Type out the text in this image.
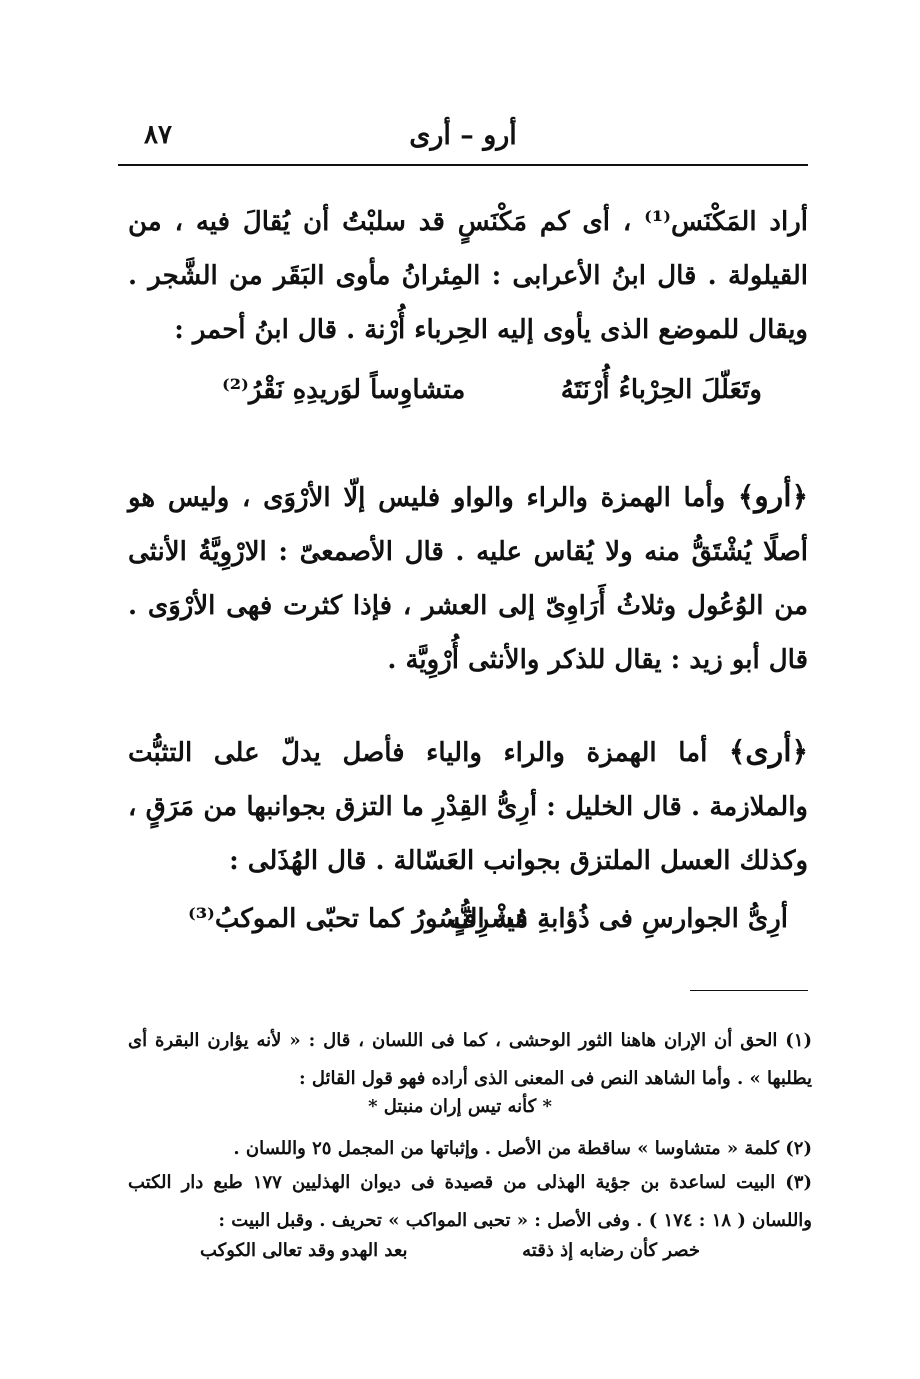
أرو – أرى
٨٧
أراد المَكْنَس⁽¹⁾ ، أى كم مَكْنَسٍ قد سلبْتُ أن يُقالَ فيه ، من القيلولة . قال ابنُ الأعرابى : المِئرانُ مأوى البَقَر من الشَّجر . ويقال للموضع الذى يأوى إليه الحِرباء أُرْنة . قال ابنُ أحمر :
وتَعَلّلَ الحِرْباءُ أُرْنَتَهُ
متشاوِساً لوَريدِهِ نَقْرُ⁽²⁾
﴿أرو﴾ وأما الهمزة والراء والواو فليس إلّا الأرْوَى ، وليس هو أصلًا يُشْتَقُّ منه ولا يُقاس عليه . قال الأصمعىّ : الارْوِيَّةُ الأنثى من الوُعُول وثلاثُ أَرَاوِىّ إلى العشر ، فإذا كثرت فهى الأرْوَى . قال أبو زيد : يقال للذكر والأنثى أُرْوِيَّة .
﴿أرى﴾ أما الهمزة والراء والياء فأصل يدلّ على التثبُّت والملازمة . قال الخليل : أرِىُّ القِدْرِ ما التزق بجوانبها من مَرَقٍ ، وكذلك العسل الملتزق بجوانب العَسّالة . قال الهُذَلى :
أرِىُّ الجوارسِ فى ذُؤابةِ مُشْرِفٍ
فيه النُّسُورُ كما تحبّى الموكبُ⁽³⁾
(١) الحق أن الإران هاهنا الثور الوحشى ، كما فى اللسان ، قال : « لأنه يؤارن البقرة أى يطلبها » . وأما الشاهد النص فى المعنى الذى أراده فهو قول القائل :
* كأنه تيس إران منبتل *
(٢) كلمة « متشاوسا » ساقطة من الأصل . وإثباتها من المجمل ٢٥ واللسان .
(٣) البيت لساعدة بن جؤية الهذلى من قصيدة فى ديوان الهذليين ١٧٧ طبع دار الكتب واللسان ( ١٨ : ١٧٤ ) . وفى الأصل : « تحبى المواكب » تحريف . وقبل البيت :
خصر كأن رضابه إذ ذقته
بعد الهدو وقد تعالى الكوكب
